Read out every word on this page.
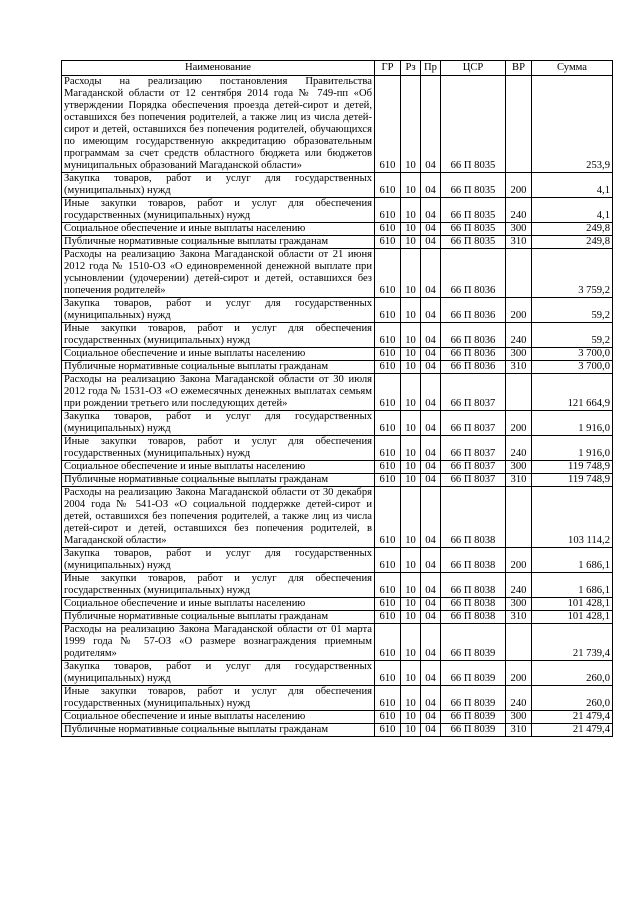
Наименование	ГР	Рз	Пр	ЦСР	ВР	Сумма
Расходы на реализацию постановления Правительства Магаданской области от 12 сентября 2014 года № 749-пп «Об утверждении Порядка обеспечения проезда детей-сирот и детей, оставшихся без попечения родителей, а также лиц из числа детей-сирот и детей, оставшихся без попечения родителей, обучающихся по имеющим государственную аккредитацию образовательным программам за счет средств областного бюджета или бюджетов муниципальных образований Магаданской области»	610	10	04	66 П 8035		253,9
Закупка товаров, работ и услуг для государственных (муниципальных) нужд	610	10	04	66 П 8035	200	4,1
Иные закупки товаров, работ и услуг для обеспечения государственных (муниципальных) нужд	610	10	04	66 П 8035	240	4,1
Социальное обеспечение и иные выплаты населению	610	10	04	66 П 8035	300	249,8
Публичные нормативные социальные выплаты гражданам	610	10	04	66 П 8035	310	249,8
Расходы на реализацию Закона Магаданской области от 21 июня 2012 года № 1510-ОЗ «О единовременной денежной выплате при усыновлении (удочерении) детей-сирот и детей, оставшихся без попечения родителей»	610	10	04	66 П 8036		3 759,2
Закупка товаров, работ и услуг для государственных (муниципальных) нужд	610	10	04	66 П 8036	200	59,2
Иные закупки товаров, работ и услуг для обеспечения государственных (муниципальных) нужд	610	10	04	66 П 8036	240	59,2
Социальное обеспечение и иные выплаты населению	610	10	04	66 П 8036	300	3 700,0
Публичные нормативные социальные выплаты гражданам	610	10	04	66 П 8036	310	3 700,0
Расходы на реализацию Закона Магаданской области от 30 июля 2012 года № 1531-ОЗ «О ежемесячных денежных выплатах семьям при рождении третьего или последующих детей»	610	10	04	66 П 8037		121 664,9
Закупка товаров, работ и услуг для государственных (муниципальных) нужд	610	10	04	66 П 8037	200	1 916,0
Иные закупки товаров, работ и услуг для обеспечения государственных (муниципальных) нужд	610	10	04	66 П 8037	240	1 916,0
Социальное обеспечение и иные выплаты населению	610	10	04	66 П 8037	300	119 748,9
Публичные нормативные социальные выплаты гражданам	610	10	04	66 П 8037	310	119 748,9
Расходы на реализацию Закона Магаданской области от 30 декабря 2004 года № 541-ОЗ «О социальной поддержке детей-сирот и детей, оставшихся без попечения родителей, а также лиц из числа детей-сирот и детей, оставшихся без попечения родителей, в Магаданской области»	610	10	04	66 П 8038		103 114,2
Закупка товаров, работ и услуг для государственных (муниципальных) нужд	610	10	04	66 П 8038	200	1 686,1
Иные закупки товаров, работ и услуг для обеспечения государственных (муниципальных) нужд	610	10	04	66 П 8038	240	1 686,1
Социальное обеспечение и иные выплаты населению	610	10	04	66 П 8038	300	101 428,1
Публичные нормативные социальные выплаты гражданам	610	10	04	66 П 8038	310	101 428,1
Расходы на реализацию Закона Магаданской области от 01 марта 1999 года № 57-ОЗ «О размере вознаграждения приемным родителям»	610	10	04	66 П 8039		21 739,4
Закупка товаров, работ и услуг для государственных (муниципальных) нужд	610	10	04	66 П 8039	200	260,0
Иные закупки товаров, работ и услуг для обеспечения государственных (муниципальных) нужд	610	10	04	66 П 8039	240	260,0
Социальное обеспечение и иные выплаты населению	610	10	04	66 П 8039	300	21 479,4
Публичные нормативные социальные выплаты гражданам	610	10	04	66 П 8039	310	21 479,4
